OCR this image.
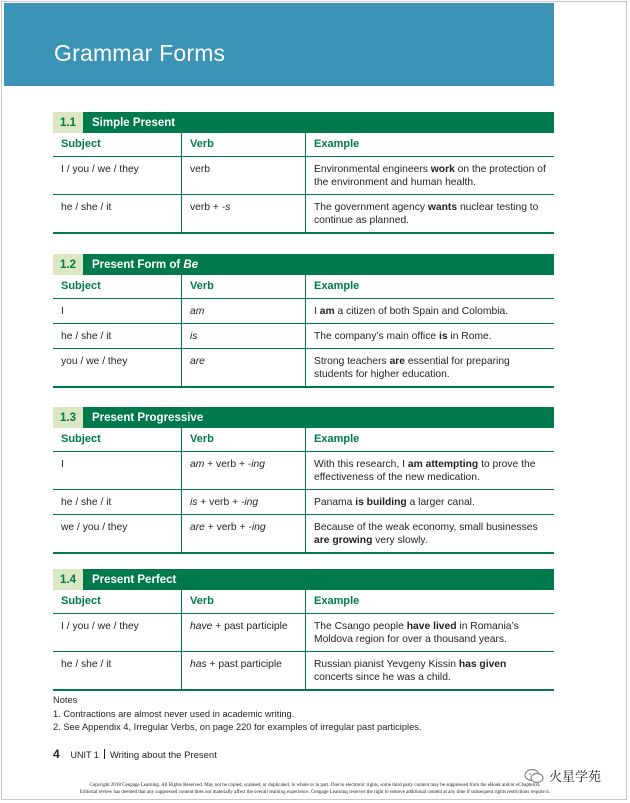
Grammar Forms
1.1	Simple Present
Subject	Verb	Example
I / you / we / they	verb	Environmental engineers work on the protection of the environment and human health.
he / she / it	verb + -s	The government agency wants nuclear testing to continue as planned.
1.2	Present Form of Be
Subject	Verb	Example
I	am	I am a citizen of both Spain and Colombia.
he / she / it	is	The company’s main office is in Rome.
you / we / they	are	Strong teachers are essential for preparing students for higher education.
1.3	Present Progressive
Subject	Verb	Example
I	am + verb + -ing	With this research, I am attempting to prove the effectiveness of the new medication.
he / she / it	is + verb + -ing	Panama is building a larger canal.
we / you / they	are + verb + -ing	Because of the weak economy, small businesses are growing very slowly.
1.4	Present Perfect
Subject	Verb	Example
I / you / we / they	have + past participle	The Csango people have lived in Romania’s Moldova region for over a thousand years.
he / she / it	has + past participle	Russian pianist Yevgeny Kissin has given concerts since he was a child.
Notes
1. Contractions are almost never used in academic writing.
2. See Appendix 4, Irregular Verbs, on page 220 for examples of irregular past participles.
4 UNIT 1 Writing about the Present
Copyright 2018 Cengage Learning. All Rights Reserved. May not be copied, scanned, or duplicated, in whole or in part. Due to electronic rights, some third party content may be suppressed from the eBook and/or eChapter(s).
Editorial review has deemed that any suppressed content does not materially affect the overall learning experience. Cengage Learning reserves the right to remove additional content at any time if subsequent rights restrictions require it.
火星学苑
